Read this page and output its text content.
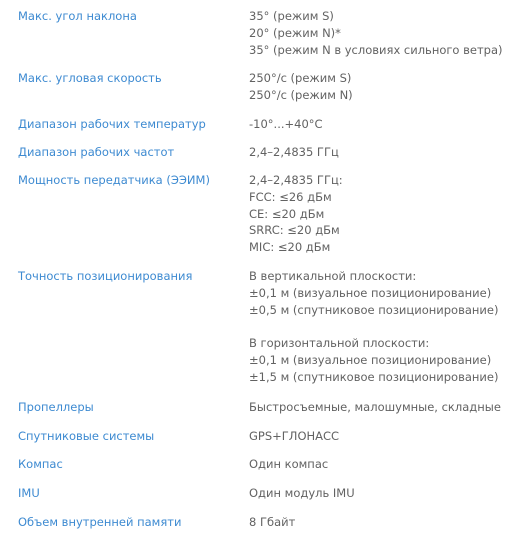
Макс. угол наклона	35° (режим S)
20° (режим N)*
35° (режим N в условиях сильного ветра)
Макс. угловая скорость	250°/с (режим S)
250°/с (режим N)
Диапазон рабочих температур	-10°...+40°C
Диапазон рабочих частот	2,4–2,4835 ГГц
Мощность передатчика (ЭЭИМ)	2,4–2,4835 ГГц:
FCC: ≤26 дБм
CE: ≤20 дБм
SRRC: ≤20 дБм
MIC: ≤20 дБм
Точность позиционирования	В вертикальной плоскости:
±0,1 м (визуальное позиционирование)
±0,5 м (спутниковое позиционирование)
В горизонтальной плоскости:
±0,1 м (визуальное позиционирование)
±1,5 м (спутниковое позиционирование)
Пропеллеры	Быстросъемные, малошумные, складные
Спутниковые системы	GPS+ГЛОНАСС
Компас	Один компас
IMU	Один модуль IMU
Объем внутренней памяти	8 Гбайт
